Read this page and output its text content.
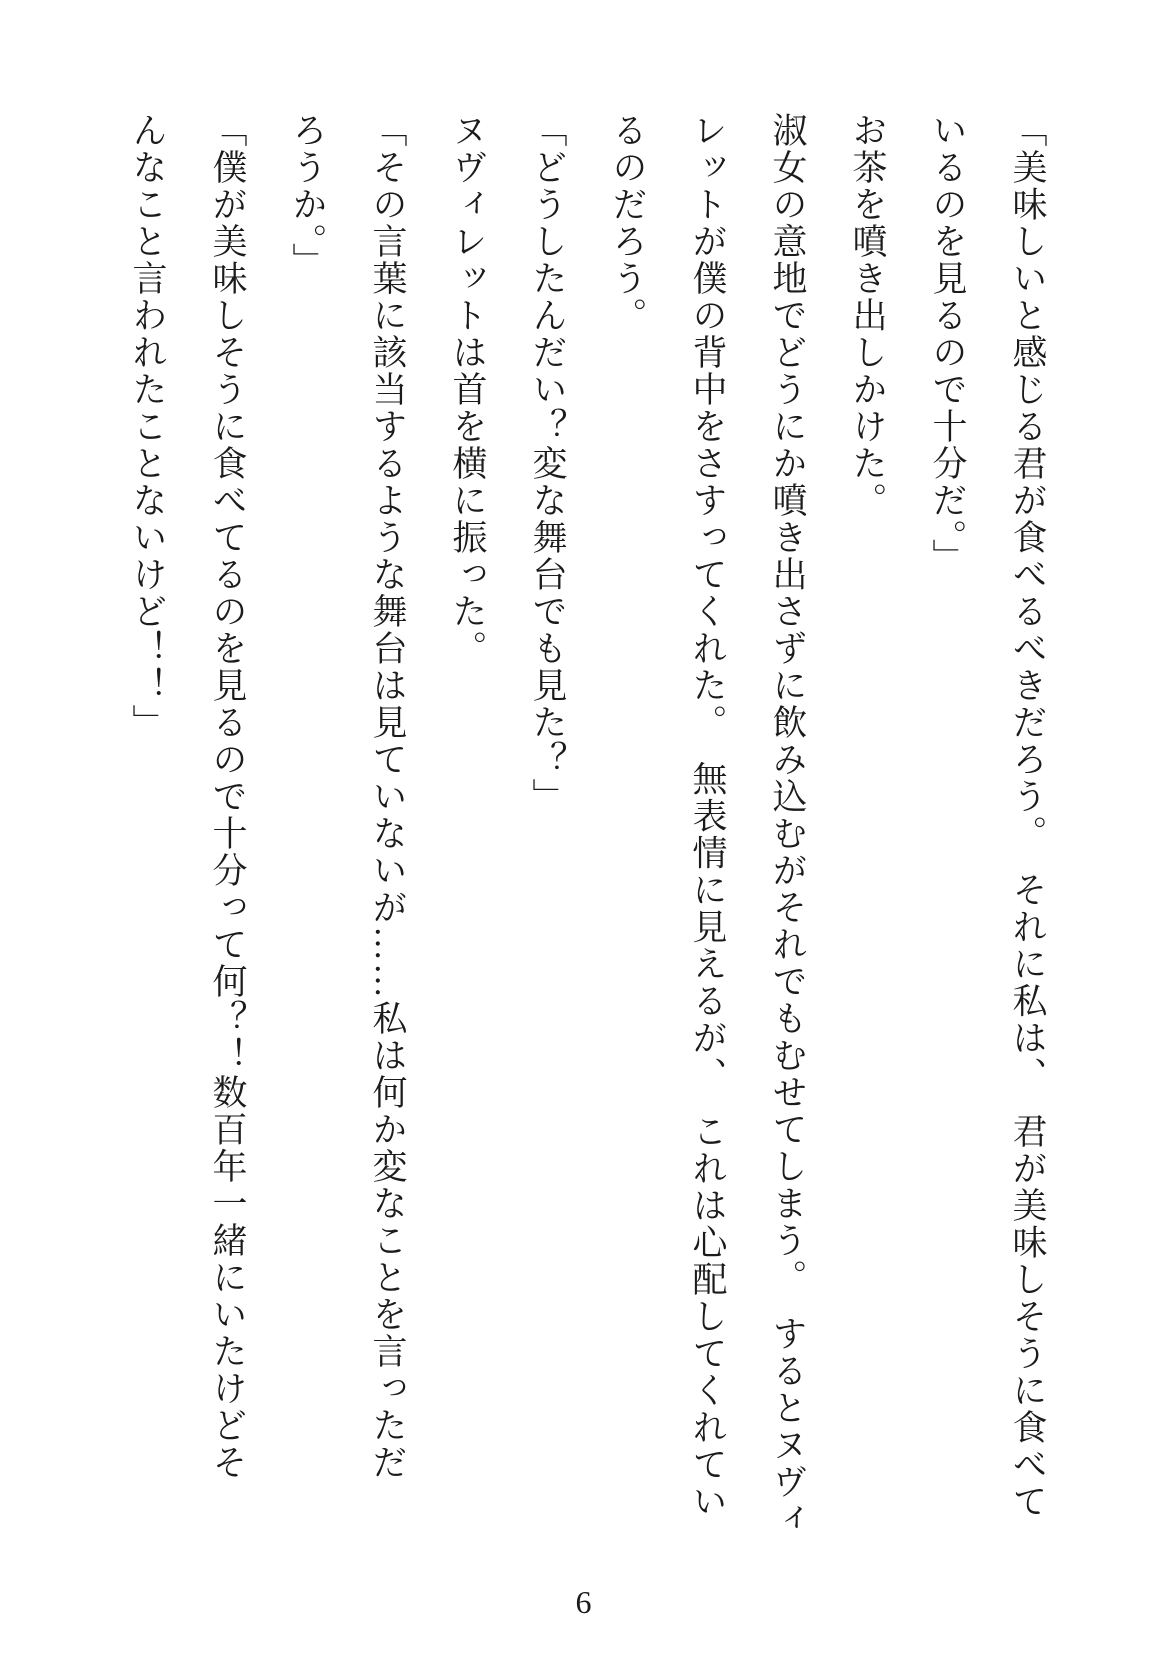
「美味しいと感じる君が食べるべきだろう。　それに私は、　君が美味しそうに食べて

いるのを見るので十分だ。」

お茶を噴き出しかけた。

淑女の意地でどうにか噴き出さずに飲み込むがそれでもむせてしまう。　するとヌヴィ

レットが僕の背中をさすってくれた。　無表情に見えるが、　これは心配してくれてい

るのだろう。

「どうしたんだい？変な舞台でも見た？」

ヌヴィレットは首を横に振った。

「その言葉に該当するような舞台は見ていないが……私は何か変なことを言っただ

ろうか。」

「僕が美味しそうに食べてるのを見るので十分って何？！数百年一緒にいたけどそ

んなこと言われたことないけど！！」

6
